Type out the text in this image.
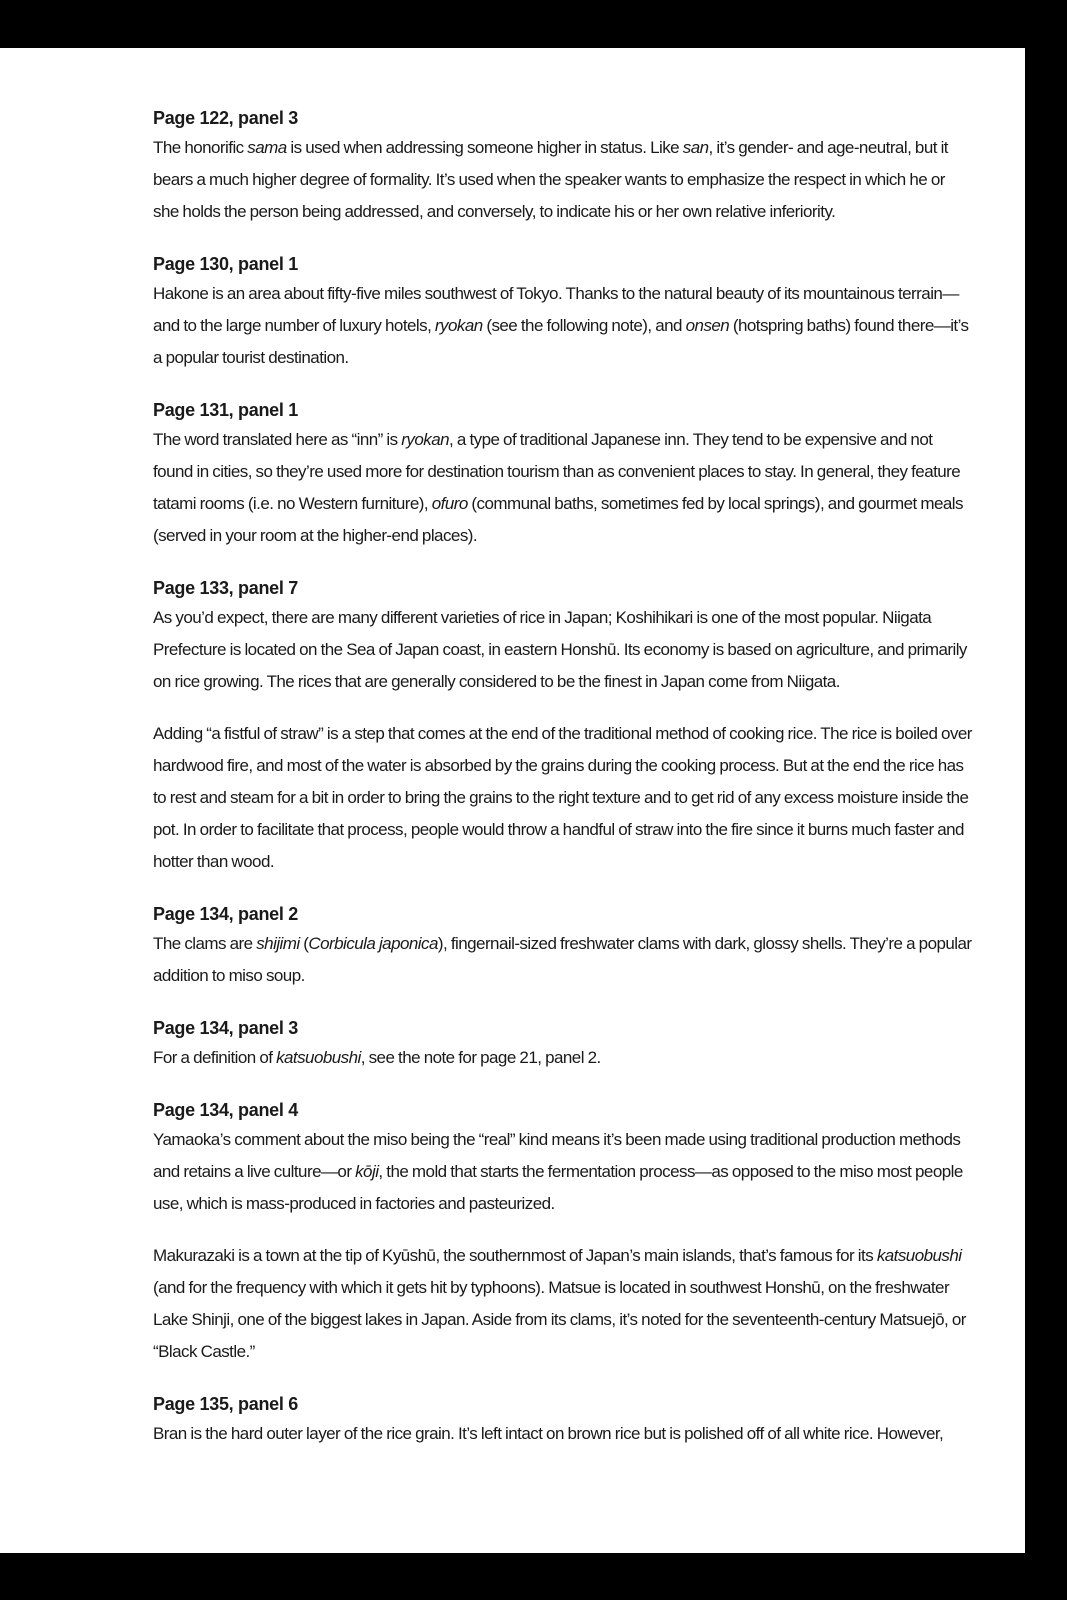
Page 122, panel 3

The honorific sama is used when addressing someone higher in status. Like san, it’s gender- and age-neutral, but it bears a much higher degree of formality. It’s used when the speaker wants to emphasize the respect in which he or she holds the person being addressed, and conversely, to indicate his or her own relative inferiority.

Page 130, panel 1

Hakone is an area about fifty-five miles southwest of Tokyo. Thanks to the natural beauty of its mountainous terrain—and to the large number of luxury hotels, ryokan (see the following note), and onsen (hotspring baths) found there—it’s a popular tourist destination.

Page 131, panel 1

The word translated here as “inn” is ryokan, a type of traditional Japanese inn. They tend to be expensive and not found in cities, so they’re used more for destination tourism than as convenient places to stay. In general, they feature tatami rooms (i.e. no Western furniture), ofuro (communal baths, sometimes fed by local springs), and gourmet meals (served in your room at the higher-end places).

Page 133, panel 7

As you’d expect, there are many different varieties of rice in Japan; Koshihikari is one of the most popular. Niigata Prefecture is located on the Sea of Japan coast, in eastern Honshū. Its economy is based on agriculture, and primarily on rice growing. The rices that are generally considered to be the finest in Japan come from Niigata.

Adding “a fistful of straw” is a step that comes at the end of the traditional method of cooking rice. The rice is boiled over hardwood fire, and most of the water is absorbed by the grains during the cooking process. But at the end the rice has to rest and steam for a bit in order to bring the grains to the right texture and to get rid of any excess moisture inside the pot. In order to facilitate that process, people would throw a handful of straw into the fire since it burns much faster and hotter than wood.

Page 134, panel 2

The clams are shijimi (Corbicula japonica), fingernail-sized freshwater clams with dark, glossy shells. They’re a popular addition to miso soup.

Page 134, panel 3

For a definition of katsuobushi, see the note for page 21, panel 2.

Page 134, panel 4

Yamaoka’s comment about the miso being the “real” kind means it’s been made using traditional production methods and retains a live culture—or kōji, the mold that starts the fermentation process—as opposed to the miso most people use, which is mass-produced in factories and pasteurized.

Makurazaki is a town at the tip of Kyūshū, the southernmost of Japan’s main islands, that’s famous for its katsuobushi (and for the frequency with which it gets hit by typhoons). Matsue is located in southwest Honshū, on the freshwater Lake Shinji, one of the biggest lakes in Japan. Aside from its clams, it’s noted for the seventeenth-century Matsuejō, or “Black Castle.”

Page 135, panel 6

Bran is the hard outer layer of the rice grain. It’s left intact on brown rice but is polished off of all white rice. However,
